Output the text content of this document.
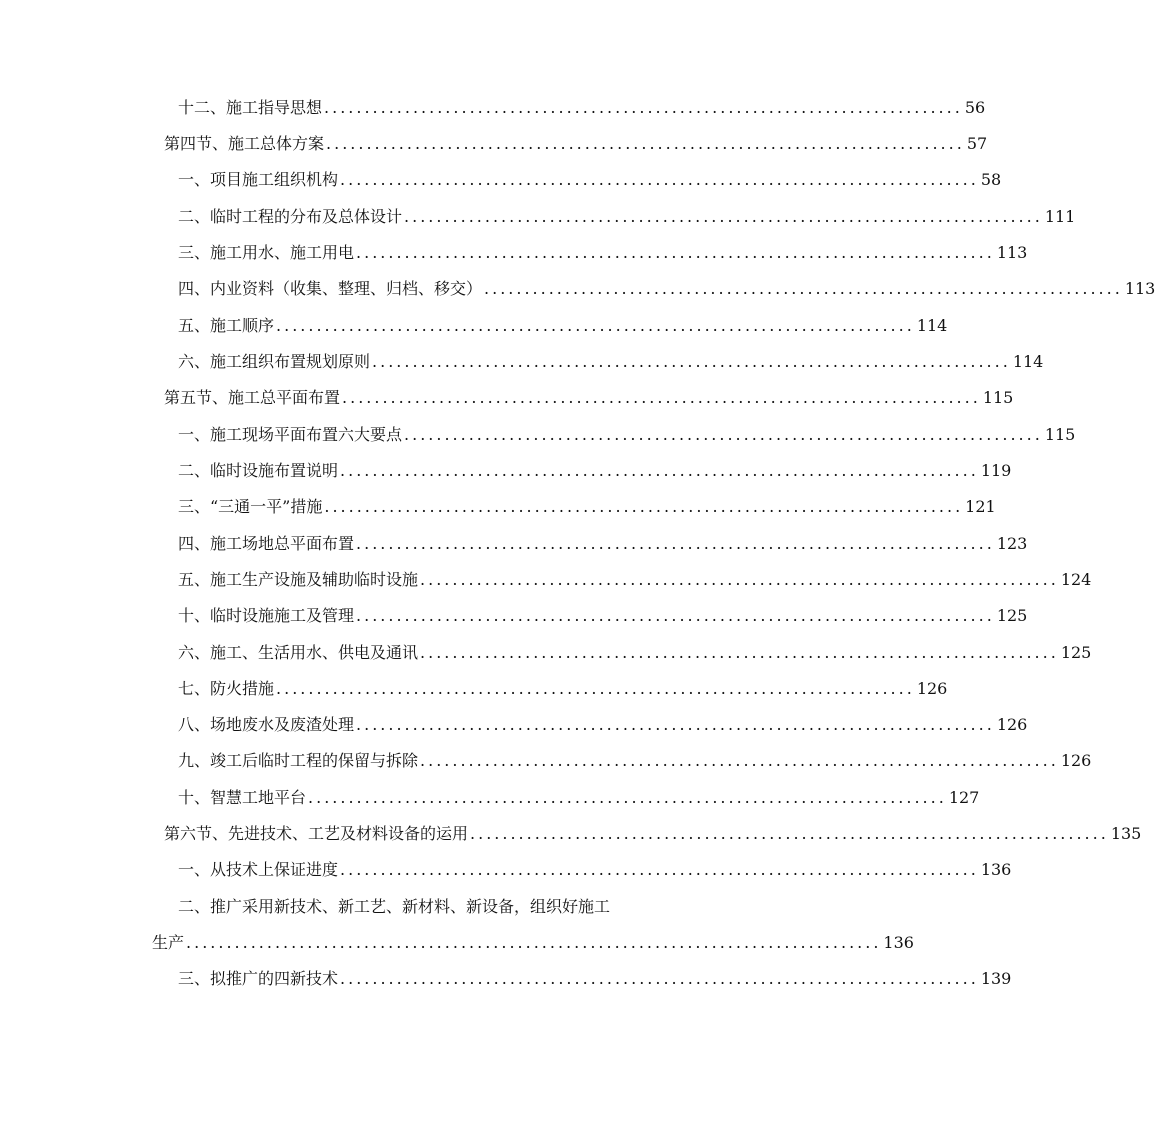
十二、施工指导思想 ............................................................................... 56
第四节、施工总体方案 ............................................................................... 57
一、项目施工组织机构 ............................................................................... 58
二、临时工程的分布及总体设计 ............................................................................... 111
三、施工用水、施工用电 ............................................................................... 113
四、内业资料（收集、整理、归档、移交） ............................................................................... 113
五、施工顺序 ............................................................................... 114
六、施工组织布置规划原则 ............................................................................... 114
第五节、施工总平面布置 ............................................................................... 115
一、施工现场平面布置六大要点 ............................................................................... 115
二、临时设施布置说明 ............................................................................... 119
三、“三通一平”措施 ............................................................................... 121
四、施工场地总平面布置 ............................................................................... 123
五、施工生产设施及辅助临时设施 ............................................................................... 124
十、临时设施施工及管理 ............................................................................... 125
六、施工、生活用水、供电及通讯 ............................................................................... 125
七、防火措施 ............................................................................... 126
八、场地废水及废渣处理 ............................................................................... 126
九、竣工后临时工程的保留与拆除 ............................................................................... 126
十、智慧工地平台 ............................................................................... 127
第六节、先进技术、工艺及材料设备的运用 ............................................................................... 135
一、从技术上保证进度 ............................................................................... 136
二、推广采用新技术、新工艺、新材料、新设备，组织好施工
生产 ...................................................................................... 136
三、拟推广的四新技术 ............................................................................... 139
